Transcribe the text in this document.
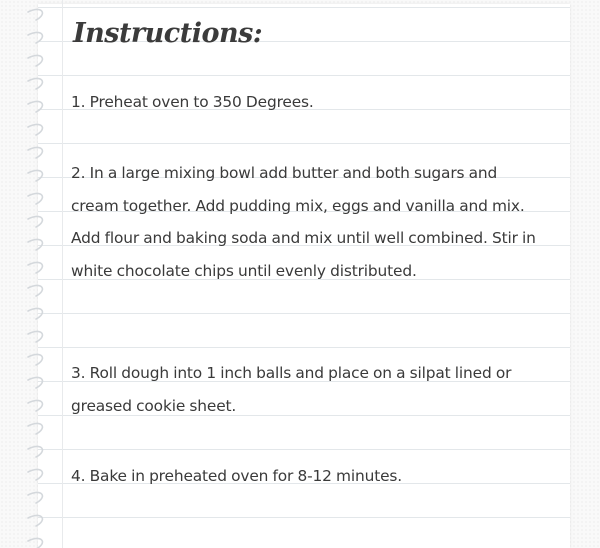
Instructions:
1. Preheat oven to 350 Degrees.
2. In a large mixing bowl add butter and both sugars and cream together. Add pudding mix, eggs and vanilla and mix. Add flour and baking soda and mix until well combined. Stir in white chocolate chips until evenly distributed.
3. Roll dough into 1 inch balls and place on a silpat lined or greased cookie sheet.
4. Bake in preheated oven for 8-12 minutes.
